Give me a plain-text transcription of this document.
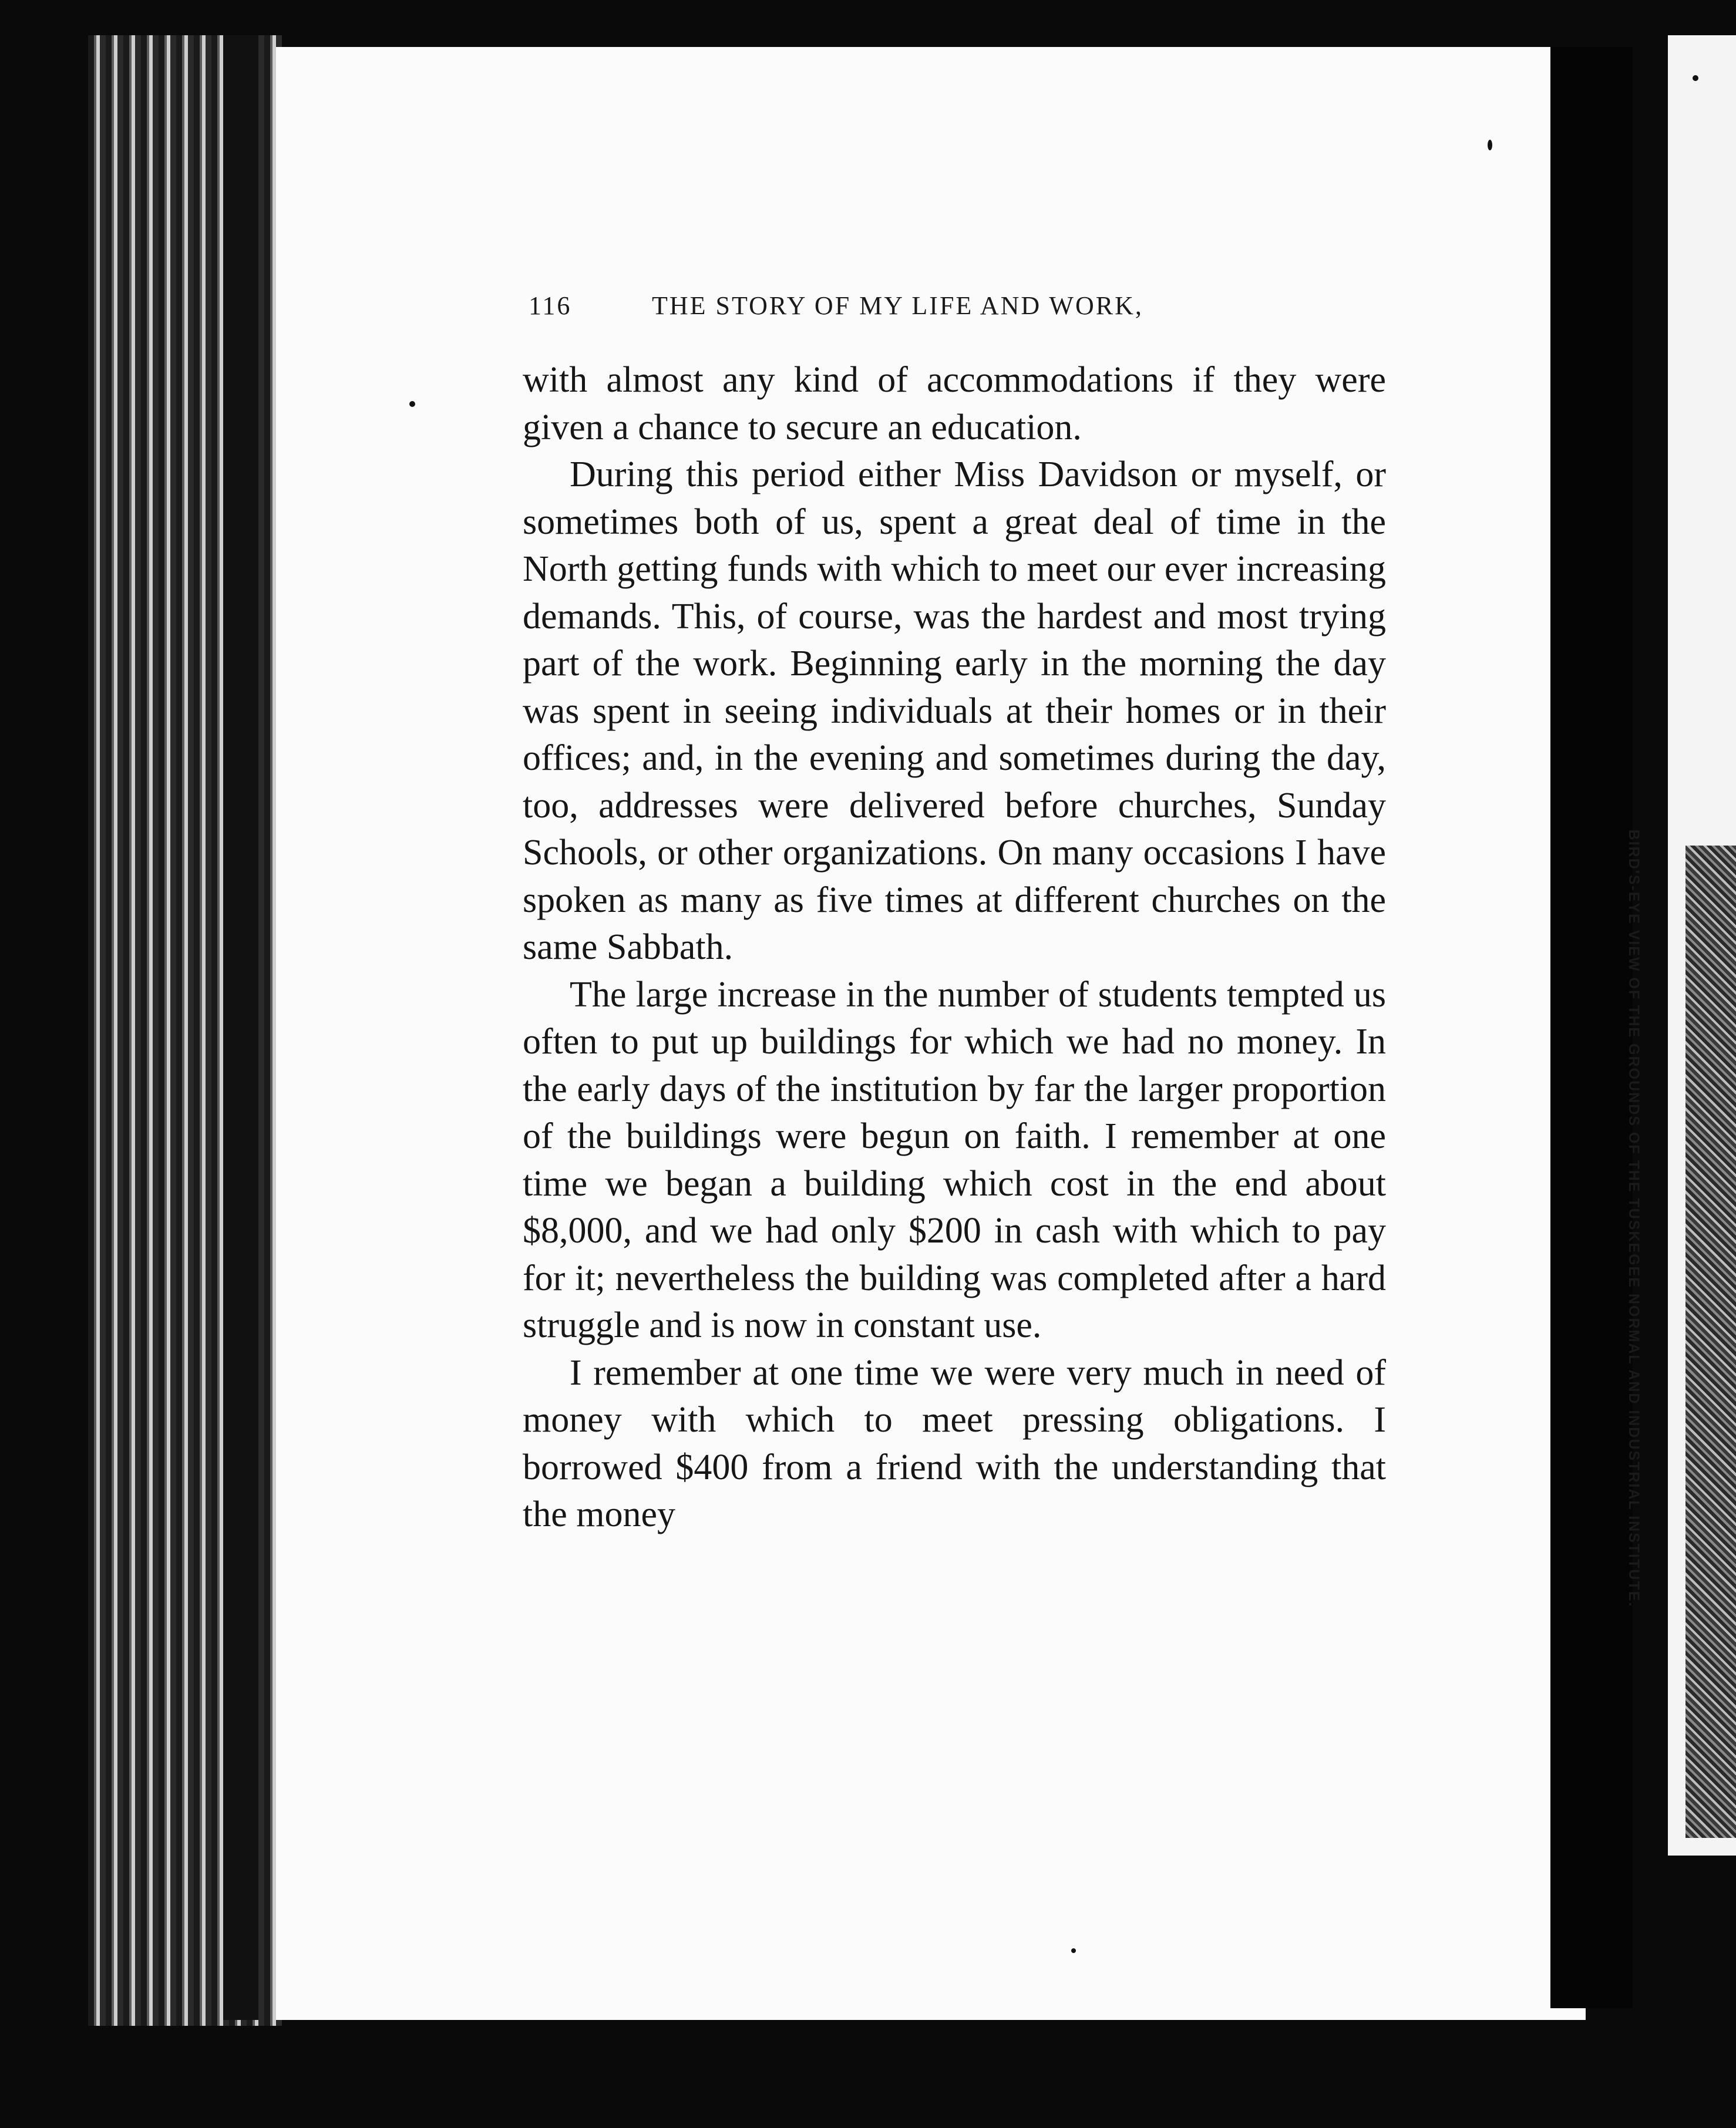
BIRD'S-EYE VIEW OF THE GROUNDS OF THE TUSKEGEE NORMAL AND INDUSTRIAL INSTITUTE.
116	THE STORY OF MY LIFE AND WORK,

with almost any kind of accommodations if they were given a chance to secure an education.

During this period either Miss Davidson or myself, or sometimes both of us, spent a great deal of time in the North getting funds with which to meet our ever increasing demands. This, of course, was the hardest and most trying part of the work. Beginning early in the morning the day was spent in seeing individuals at their homes or in their offices; and, in the evening and sometimes during the day, too, addresses were delivered before churches, Sunday Schools, or other organizations. On many occasions I have spoken as many as five times at different churches on the same Sabbath.

The large increase in the number of students tempted us often to put up buildings for which we had no money. In the early days of the institution by far the larger proportion of the buildings were begun on faith. I remember at one time we began a building which cost in the end about $8,000, and we had only $200 in cash with which to pay for it; nevertheless the building was completed after a hard struggle and is now in constant use.

I remember at one time we were very much in need of money with which to meet pressing obligations. I borrowed $400 from a friend with the understanding that the money
